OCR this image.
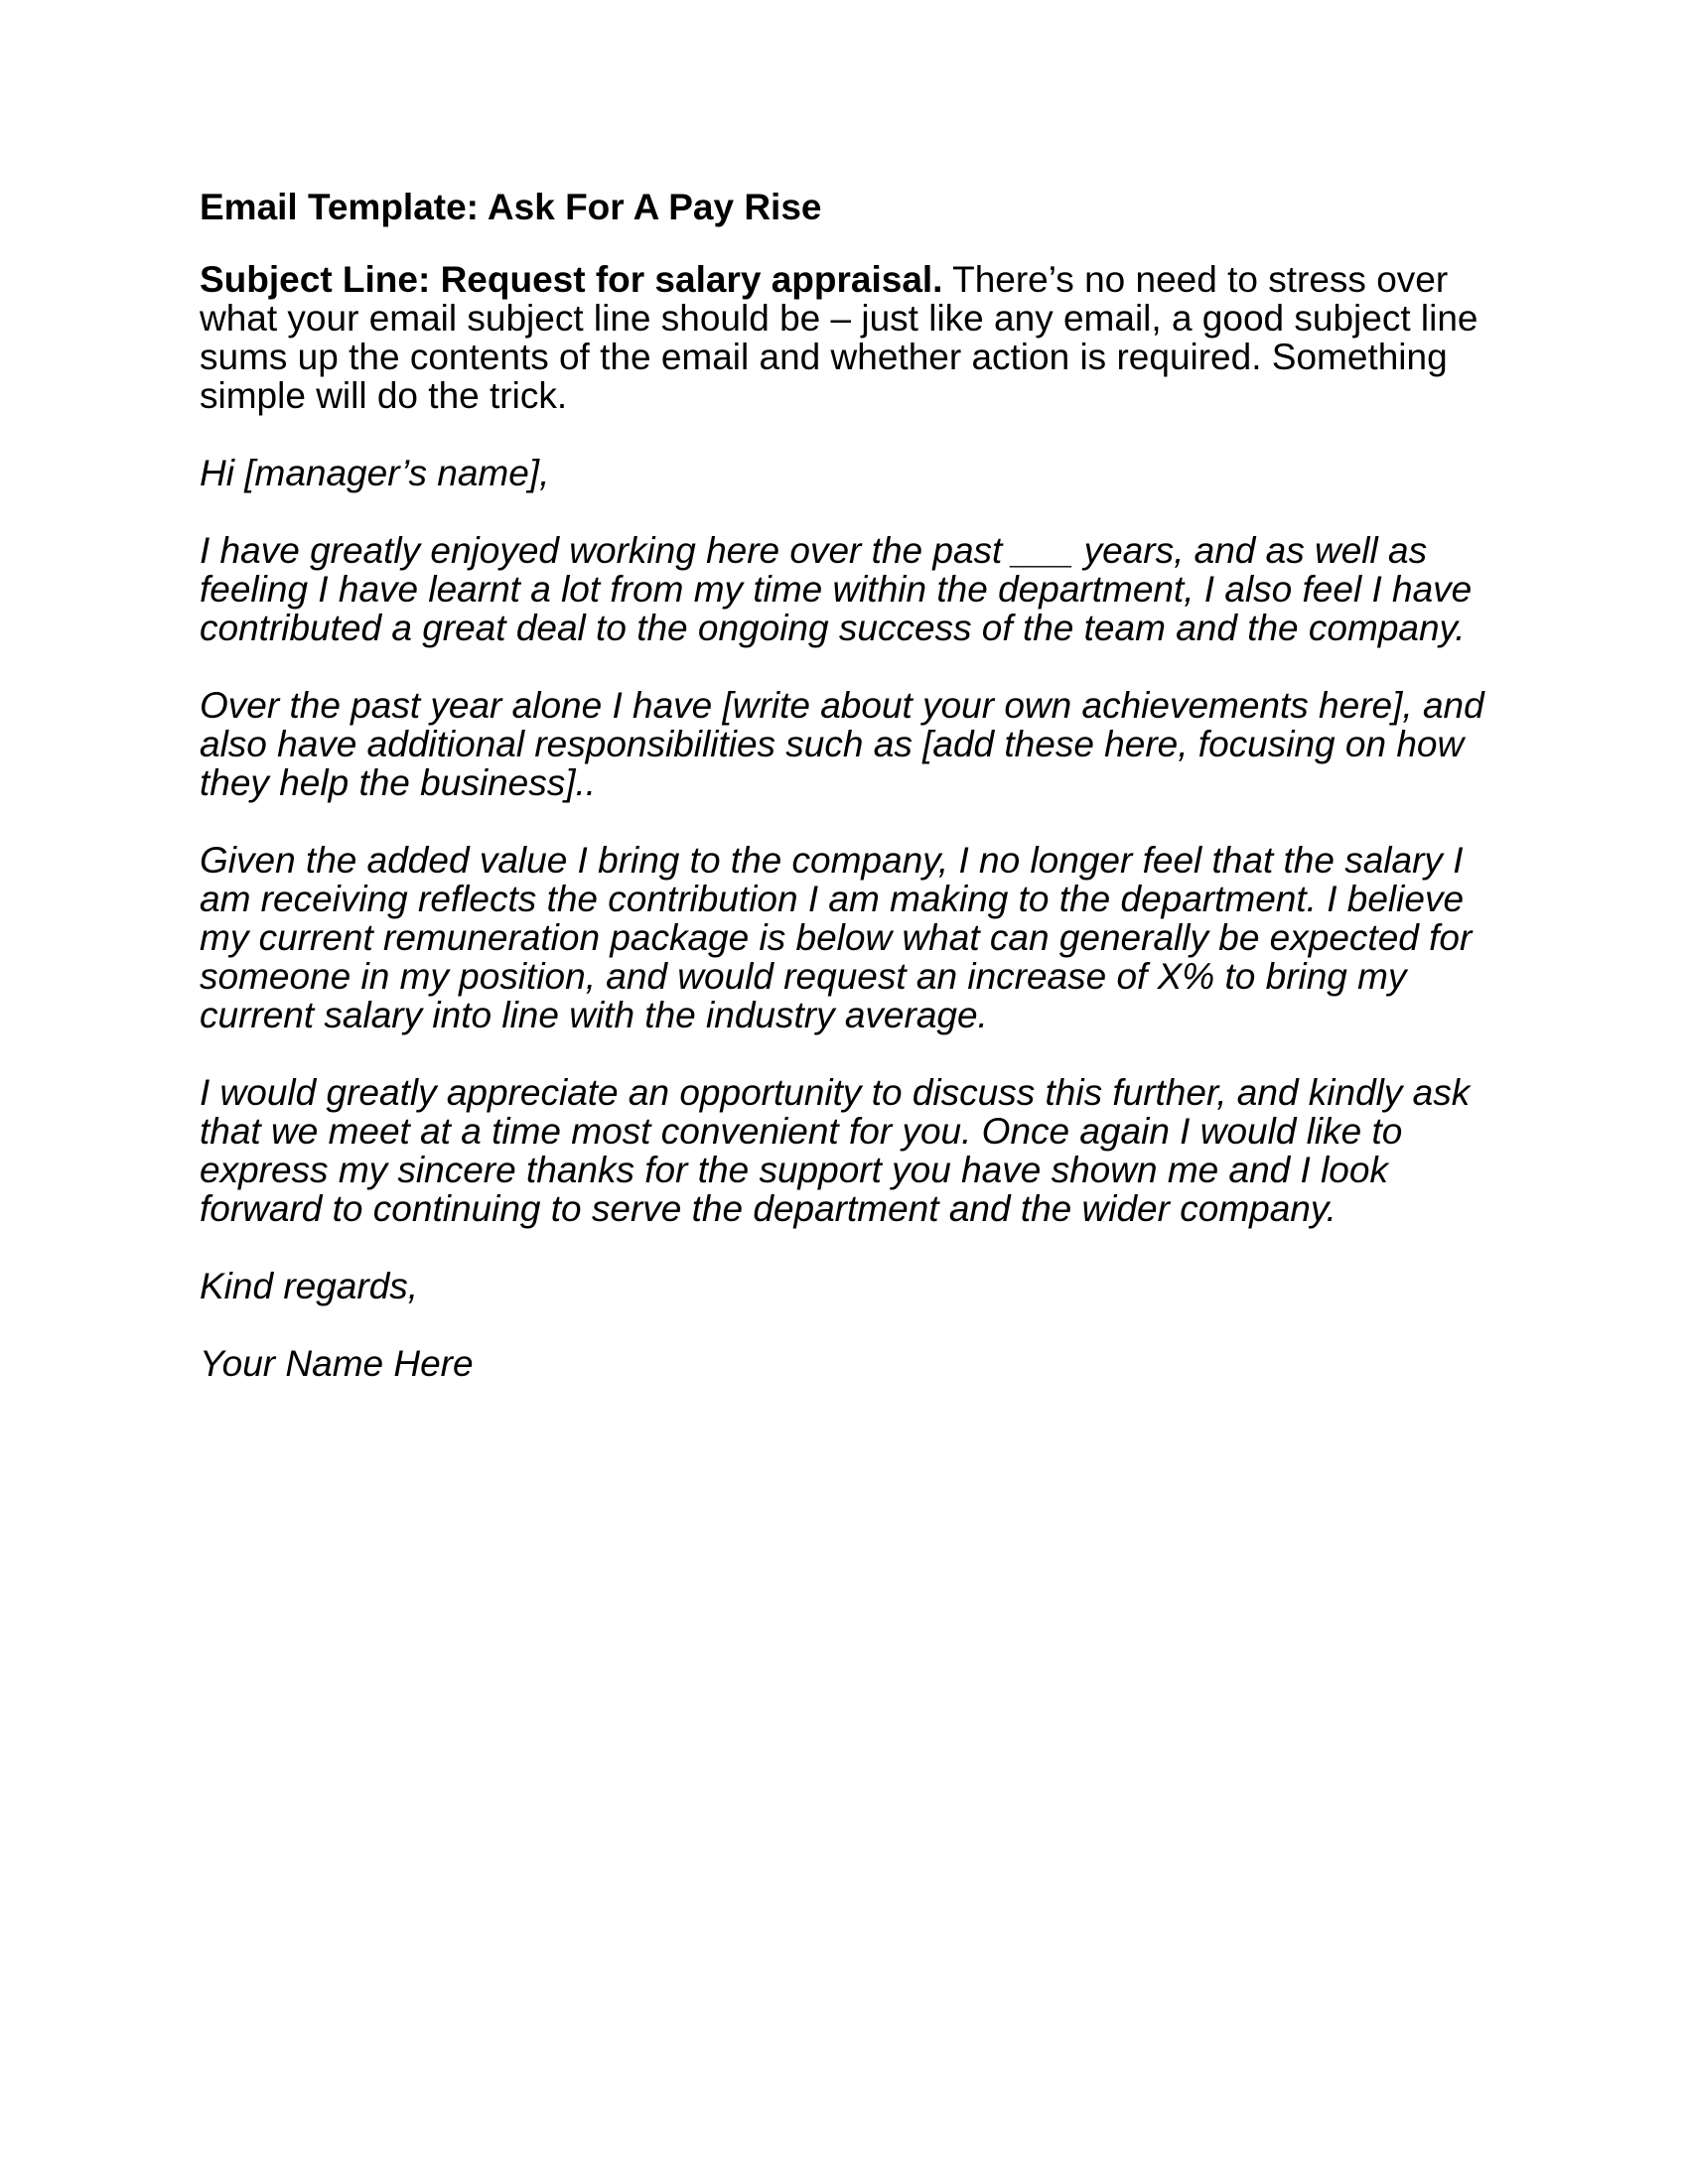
Email Template: Ask For A Pay Rise

Subject Line: Request for salary appraisal. There’s no need to stress over what your email subject line should be – just like any email, a good subject line sums up the contents of the email and whether action is required. Something simple will do the trick.

Hi [manager’s name],

I have greatly enjoyed working here over the past ___ years, and as well as feeling I have learnt a lot from my time within the department, I also feel I have contributed a great deal to the ongoing success of the team and the company.

Over the past year alone I have [write about your own achievements here], and also have additional responsibilities such as [add these here, focusing on how they help the business]..

Given the added value I bring to the company, I no longer feel that the salary I am receiving reflects the contribution I am making to the department. I believe my current remuneration package is below what can generally be expected for someone in my position, and would request an increase of X% to bring my current salary into line with the industry average.

I would greatly appreciate an opportunity to discuss this further, and kindly ask that we meet at a time most convenient for you. Once again I would like to express my sincere thanks for the support you have shown me and I look forward to continuing to serve the department and the wider company.

Kind regards,

Your Name Here
